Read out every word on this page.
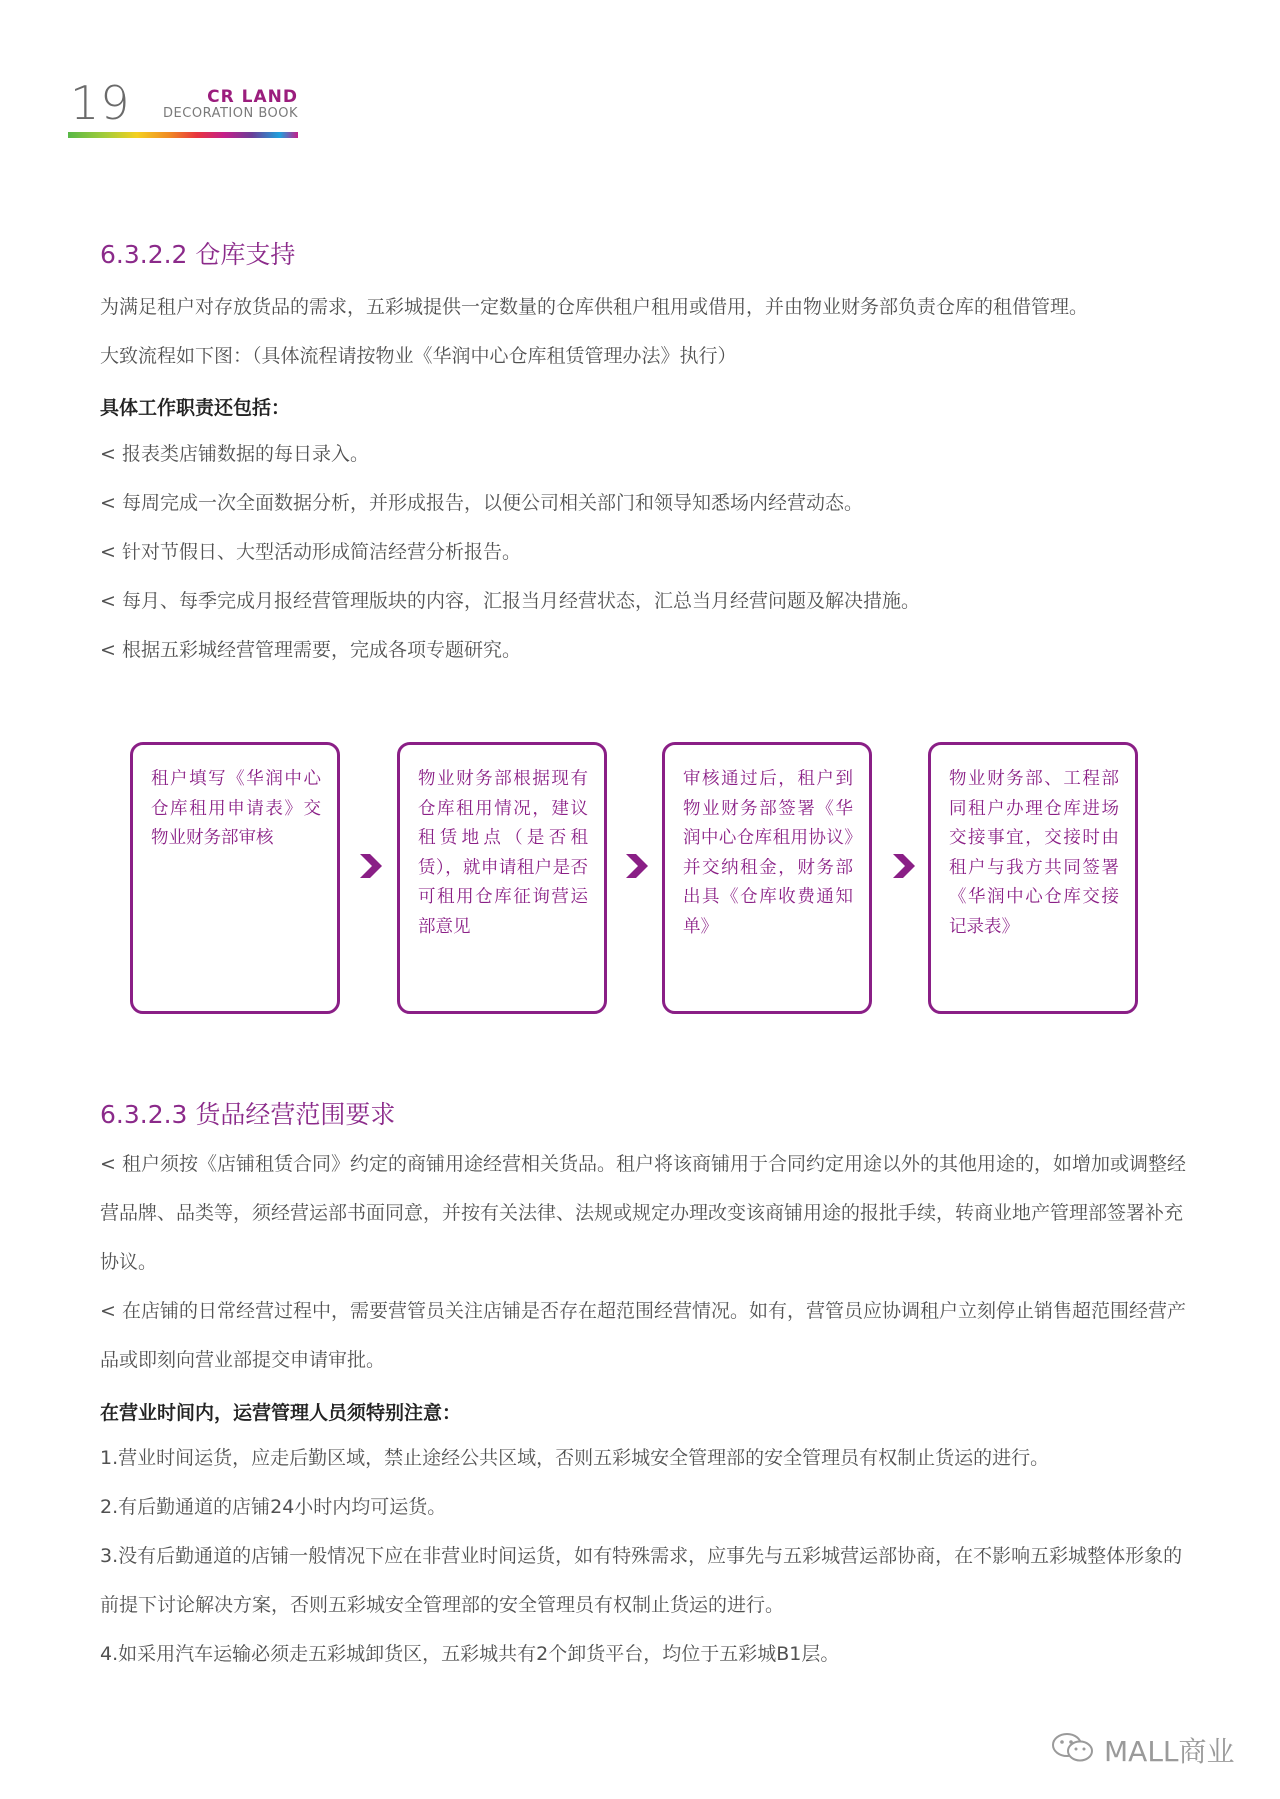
19	CR LAND
DECORATION BOOK
6.3.2.2 仓库支持
为满足租户对存放货品的需求，五彩城提供一定数量的仓库供租户租用或借用，并由物业财务部负责仓库的租借管理。
大致流程如下图：（具体流程请按物业《华润中心仓库租赁管理办法》执行）
具体工作职责还包括：

< 报表类店铺数据的每日录入。

< 每周完成一次全面数据分析，并形成报告，以便公司相关部门和领导知悉场内经营动态。

< 针对节假日、大型活动形成简洁经营分析报告。

< 每月、每季完成月报经营管理版块的内容，汇报当月经营状态，汇总当月经营问题及解决措施。

< 根据五彩城经营管理需要，完成各项专题研究。

租户填写《华润中心仓库租用申请表》交物业财务部审核
物业财务部根据现有仓库租用情况，建议租赁地点（是否租赁），就申请租户是否可租用仓库征询营运部意见
审核通过后，租户到物业财务部签署《华润中心仓库租用协议》并交纳租金，财务部出具《仓库收费通知单》
物业财务部、工程部同租户办理仓库进场交接事宜，交接时由租户与我方共同签署《华润中心仓库交接记录表》
6.3.2.3 货品经营范围要求

< 租户须按《店铺租赁合同》约定的商铺用途经营相关货品。租户将该商铺用于合同约定用途以外的其他用途的，如增加或调整经营品牌、品类等，须经营运部书面同意，并按有关法律、法规或规定办理改变该商铺用途的报批手续，转商业地产管理部签署补充协议。

< 在店铺的日常经营过程中，需要营管员关注店铺是否存在超范围经营情况。如有，营管员应协调租户立刻停止销售超范围经营产品或即刻向营业部提交申请审批。

在营业时间内，运营管理人员须特别注意：

1.营业时间运货，应走后勤区域，禁止途经公共区域，否则五彩城安全管理部的安全管理员有权制止货运的进行。

2.有后勤通道的店铺24小时内均可运货。

3.没有后勤通道的店铺一般情况下应在非营业时间运货，如有特殊需求，应事先与五彩城营运部协商，在不影响五彩城整体形象的前提下讨论解决方案，否则五彩城安全管理部的安全管理员有权制止货运的进行。

4.如采用汽车运输必须走五彩城卸货区，五彩城共有2个卸货平台，均位于五彩城B1层。

MALL商业
